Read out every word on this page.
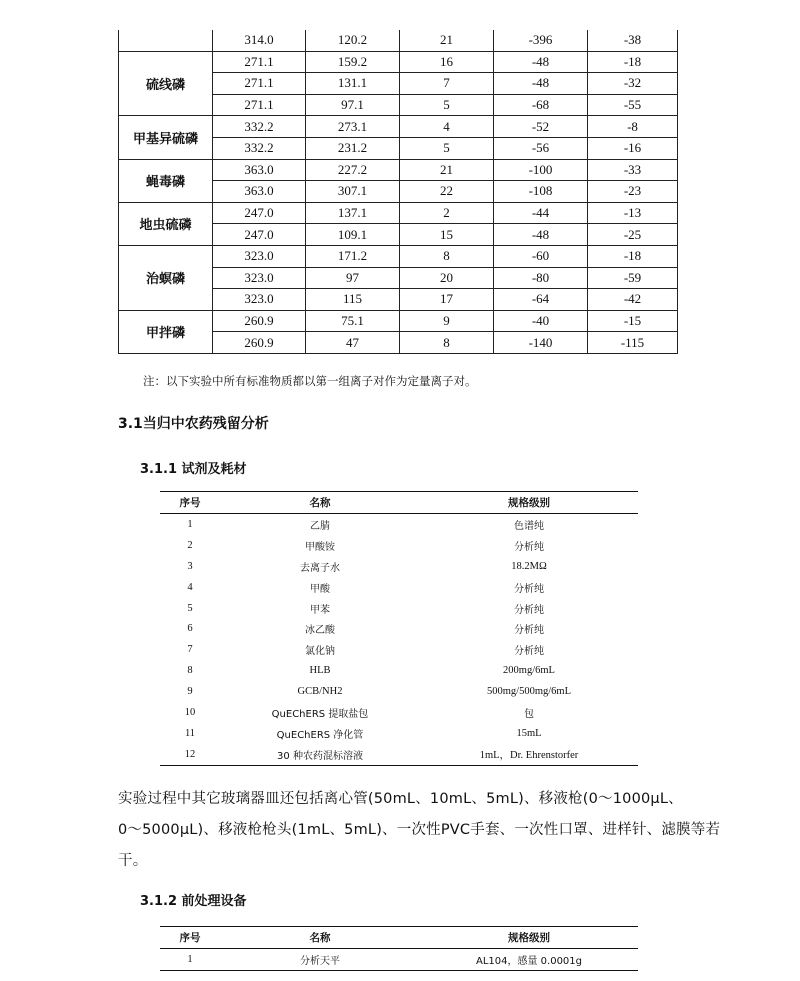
	314.0	120.2	21	-396	-38
硫线磷	271.1	159.2	16	-48	-18
	271.1	131.1	7	-48	-32
	271.1	97.1	5	-68	-55
甲基异硫磷	332.2	273.1	4	-52	-8
	332.2	231.2	5	-56	-16
蝇毒磷	363.0	227.2	21	-100	-33
	363.0	307.1	22	-108	-23
地虫硫磷	247.0	137.1	2	-44	-13
	247.0	109.1	15	-48	-25
治螟磷	323.0	171.2	8	-60	-18
	323.0	97	20	-80	-59
	323.0	115	17	-64	-42
甲拌磷	260.9	75.1	9	-40	-15
	260.9	47	8	-140	-115
注：以下实验中所有标准物质都以第一组离子对作为定量离子对。
3.1当归中农药残留分析
3.1.1 试剂及耗材
序号	名称	规格级别
1	乙腈	色谱纯
2	甲酸铵	分析纯
3	去离子水	18.2MΩ
4	甲酸	分析纯
5	甲苯	分析纯
6	冰乙酸	分析纯
7	氯化钠	分析纯
8	HLB	200mg/6mL
9	GCB/NH2	500mg/500mg/6mL
10	QuEChERS 提取盐包	包
11	QuEChERS 净化管	15mL
12	30 种农药混标溶液	1mL，Dr. Ehrenstorfer
实验过程中其它玻璃器皿还包括离心管(50mL、10mL、5mL)、移液枪(0～1000μL、
0～5000μL)、移液枪枪头(1mL、5mL)、一次性PVC手套、一次性口罩、进样针、滤膜等若
干。
3.1.2 前处理设备
序号	名称	规格级别
1	分析天平	AL104，感量 0.0001g
